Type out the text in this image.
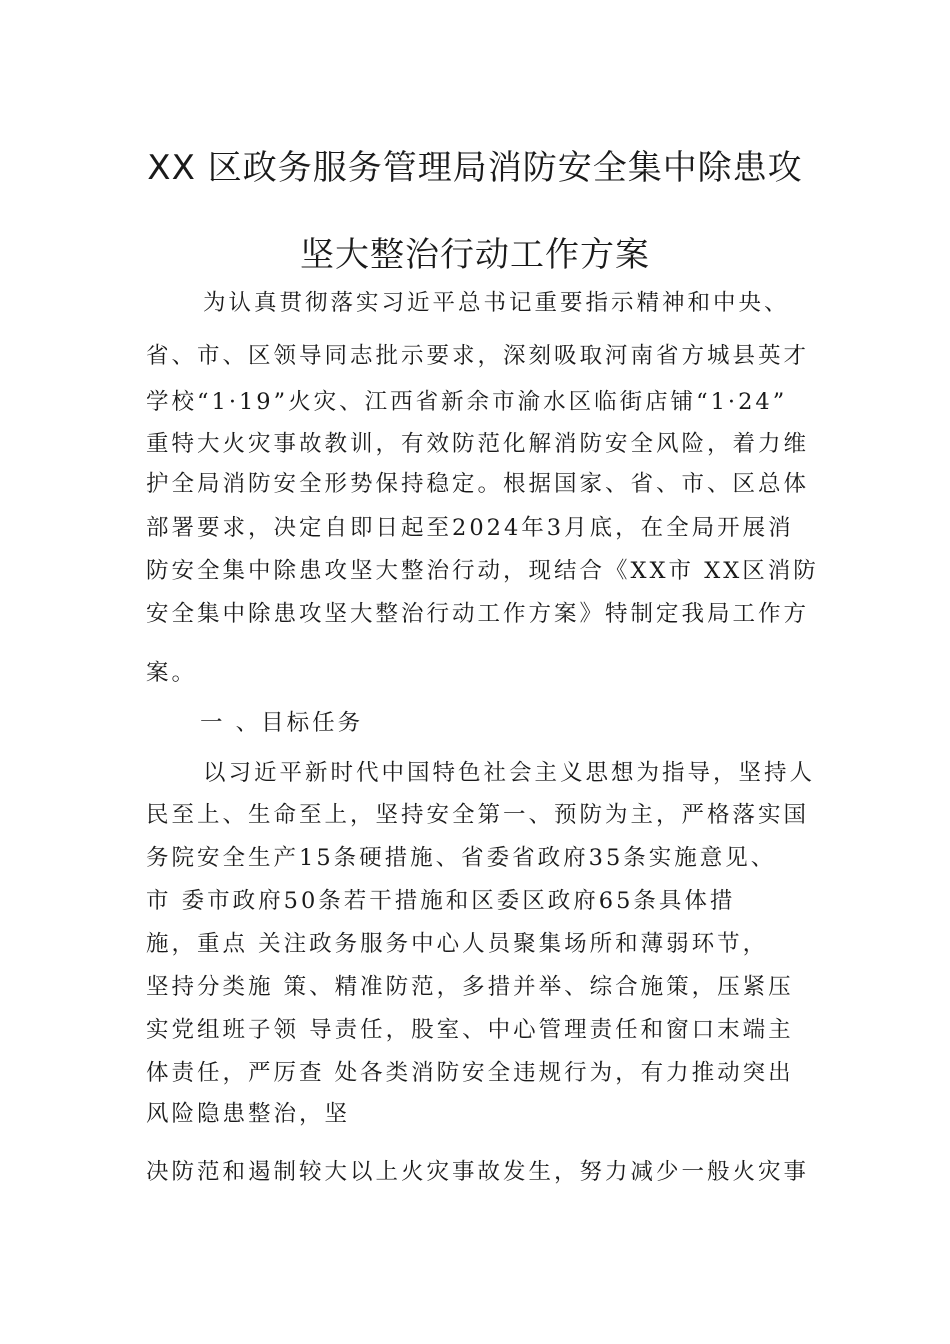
XX 区政务服务管理局消防安全集中除患攻
坚大整治行动工作方案
为认真贯彻落实习近平总书记重要指示精神和中央、
省、市、区领导同志批示要求，深刻吸取河南省方城县英才
学校“1·19”火灾、江西省新余市渝水区临街店铺“1·24”
重特大火灾事故教训，有效防范化解消防安全风险，着力维
护全局消防安全形势保持稳定。根据国家、省、市、区总体
部署要求，决定自即日起至2024年3月底，在全局开展消
防安全集中除患攻坚大整治行动，现结合《XX市 XX区消防
安全集中除患攻坚大整治行动工作方案》特制定我局工作方
案。
一 、目标任务
以习近平新时代中国特色社会主义思想为指导，坚持人
民至上、生命至上，坚持安全第一、预防为主，严格落实国
务院安全生产15条硬措施、省委省政府35条实施意见、
市 委市政府50条若干措施和区委区政府65条具体措
施，重点 关注政务服务中心人员聚集场所和薄弱环节，
坚持分类施 策、精准防范，多措并举、综合施策，压紧压
实党组班子领 导责任，股室、中心管理责任和窗口末端主
体责任，严厉查 处各类消防安全违规行为，有力推动突出
风险隐患整治，坚
决防范和遏制较大以上火灾事故发生，努力减少一般火灾事
